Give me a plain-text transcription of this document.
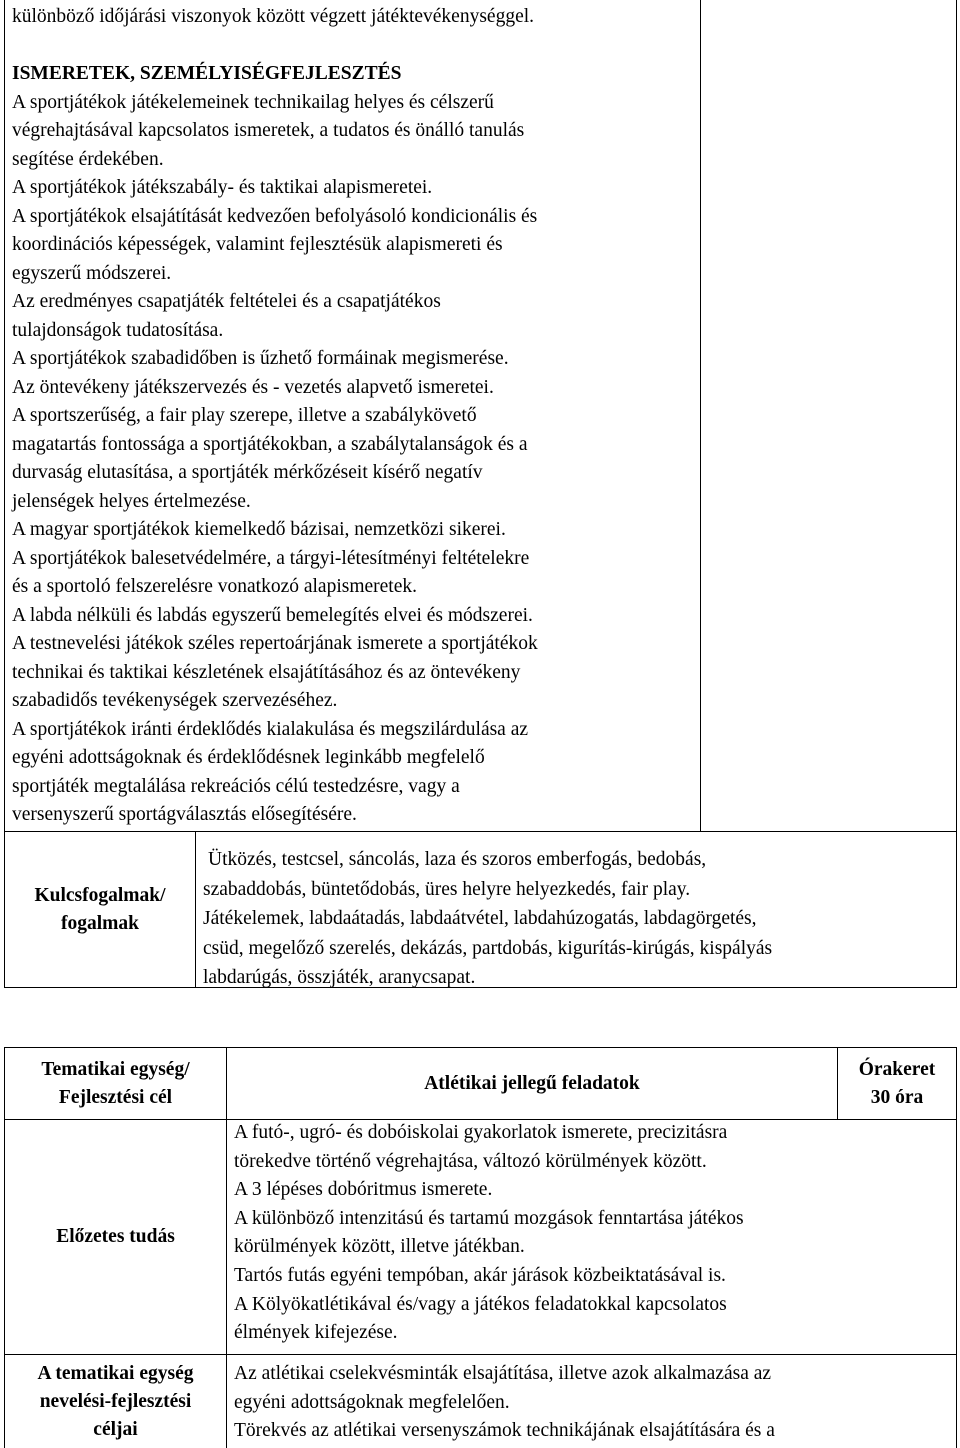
különböző időjárási viszonyok között végzett játéktevékenységgel.

ISMERETEK, SZEMÉLYISÉGFEJLESZTÉS

A sportjátékok játékelemeinek technikailag helyes és célszerű

végrehajtásával kapcsolatos ismeretek, a tudatos és önálló tanulás

segítése érdekében.

A sportjátékok játékszabály- és taktikai alapismeretei.

A sportjátékok elsajátítását kedvezően befolyásoló kondicionális és

koordinációs képességek, valamint fejlesztésük alapismereti és

egyszerű módszerei.

Az eredményes csapatjáték feltételei és a csapatjátékos

tulajdonságok tudatosítása.

A sportjátékok szabadidőben is űzhető formáinak megismerése.

Az öntevékeny játékszervezés és - vezetés alapvető ismeretei.

A sportszerűség, a fair play szerepe, illetve a szabálykövető

magatartás fontossága a sportjátékokban, a szabálytalanságok és a

durvaság elutasítása, a sportjáték mérkőzéseit kísérő negatív

jelenségek helyes értelmezése.

A magyar sportjátékok kiemelkedő bázisai, nemzetközi sikerei.

A sportjátékok balesetvédelmére, a tárgyi-létesítményi feltételekre

és a sportoló felszerelésre vonatkozó alapismeretek.

A labda nélküli és labdás egyszerű bemelegítés elvei és módszerei.

A testnevelési játékok széles repertoárjának ismerete a sportjátékok

technikai és taktikai készletének elsajátításához és az öntevékeny

szabadidős tevékenységek szervezéséhez.

A sportjátékok iránti érdeklődés kialakulása és megszilárdulása az

egyéni adottságoknak és érdeklődésnek leginkább megfelelő

sportjáték megtalálása rekreációs célú testedzésre, vagy a

versenyszerű sportágválasztás elősegítésére.

Kulcsfogalmak/
fogalmak

Ütközés, testcsel, sáncolás, laza és szoros emberfogás, bedobás,

szabaddobás, büntetődobás, üres helyre helyezkedés, fair play.

Játékelemek, labdaátadás, labdaátvétel, labdahúzogatás, labdagörgetés,

csüd, megelőző szerelés, dekázás, partdobás, kigurítás-kirúgás, kispályás

labdarúgás, összjáték, aranycsapat.

Tematikai egység/
Fejlesztési cél
Atlétikai jellegű feladatok
Órakeret
30 óra
Előzetes tudás

A futó-, ugró- és dobóiskolai gyakorlatok ismerete, precizitásra

törekedve történő végrehajtása, változó körülmények között.

A 3 lépéses dobóritmus ismerete.

A különböző intenzitású és tartamú mozgások fenntartása játékos

körülmények között, illetve játékban.

Tartós futás egyéni tempóban, akár járások közbeiktatásával is.

A Kölyökatlétikával és/vagy a játékos feladatokkal kapcsolatos

élmények kifejezése.

A tematikai egység
nevelési-fejlesztési
céljai

Az atlétikai cselekvésminták elsajátítása, illetve azok alkalmazása az

egyéni adottságoknak megfelelően.

Törekvés az atlétikai versenyszámok technikájának elsajátítására és a
